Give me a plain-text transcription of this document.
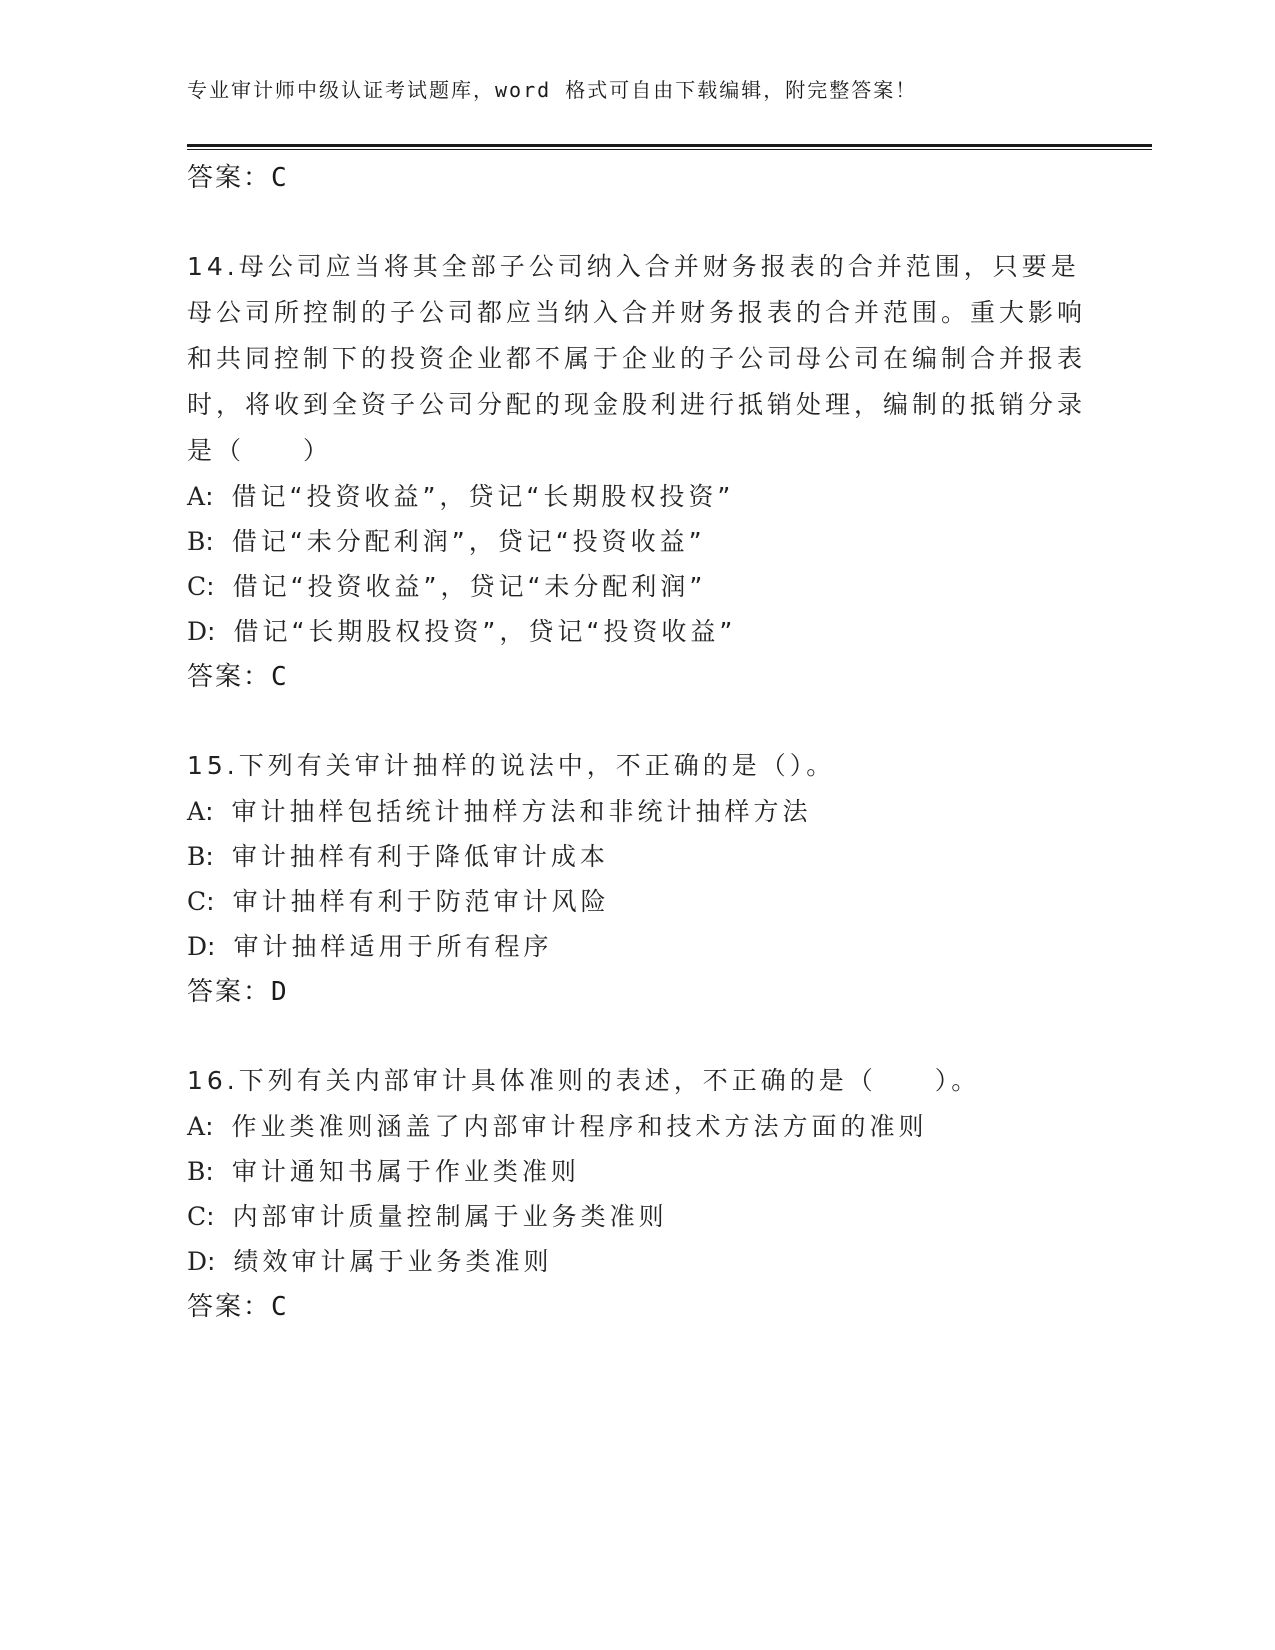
专业审计师中级认证考试题库，word 格式可自由下载编辑，附完整答案！
答案：C
14.母公司应当将其全部子公司纳入合并财务报表的合并范围，只要是母公司所控制的子公司都应当纳入合并财务报表的合并范围。重大影响和共同控制下的投资企业都不属于企业的子公司母公司在编制合并报表时，将收到全资子公司分配的现金股利进行抵销处理，编制的抵销分录是（　　）
A: 借记“投资收益”，贷记“长期股权投资”
B: 借记“未分配利润”，贷记“投资收益”
C: 借记“投资收益”，贷记“未分配利润”
D: 借记“长期股权投资”，贷记“投资收益”
答案：C
15.下列有关审计抽样的说法中，不正确的是（）。
A: 审计抽样包括统计抽样方法和非统计抽样方法
B: 审计抽样有利于降低审计成本
C: 审计抽样有利于防范审计风险
D: 审计抽样适用于所有程序
答案：D
16.下列有关内部审计具体准则的表述，不正确的是（　　）。
A: 作业类准则涵盖了内部审计程序和技术方法方面的准则
B: 审计通知书属于作业类准则
C: 内部审计质量控制属于业务类准则
D: 绩效审计属于业务类准则
答案：C
